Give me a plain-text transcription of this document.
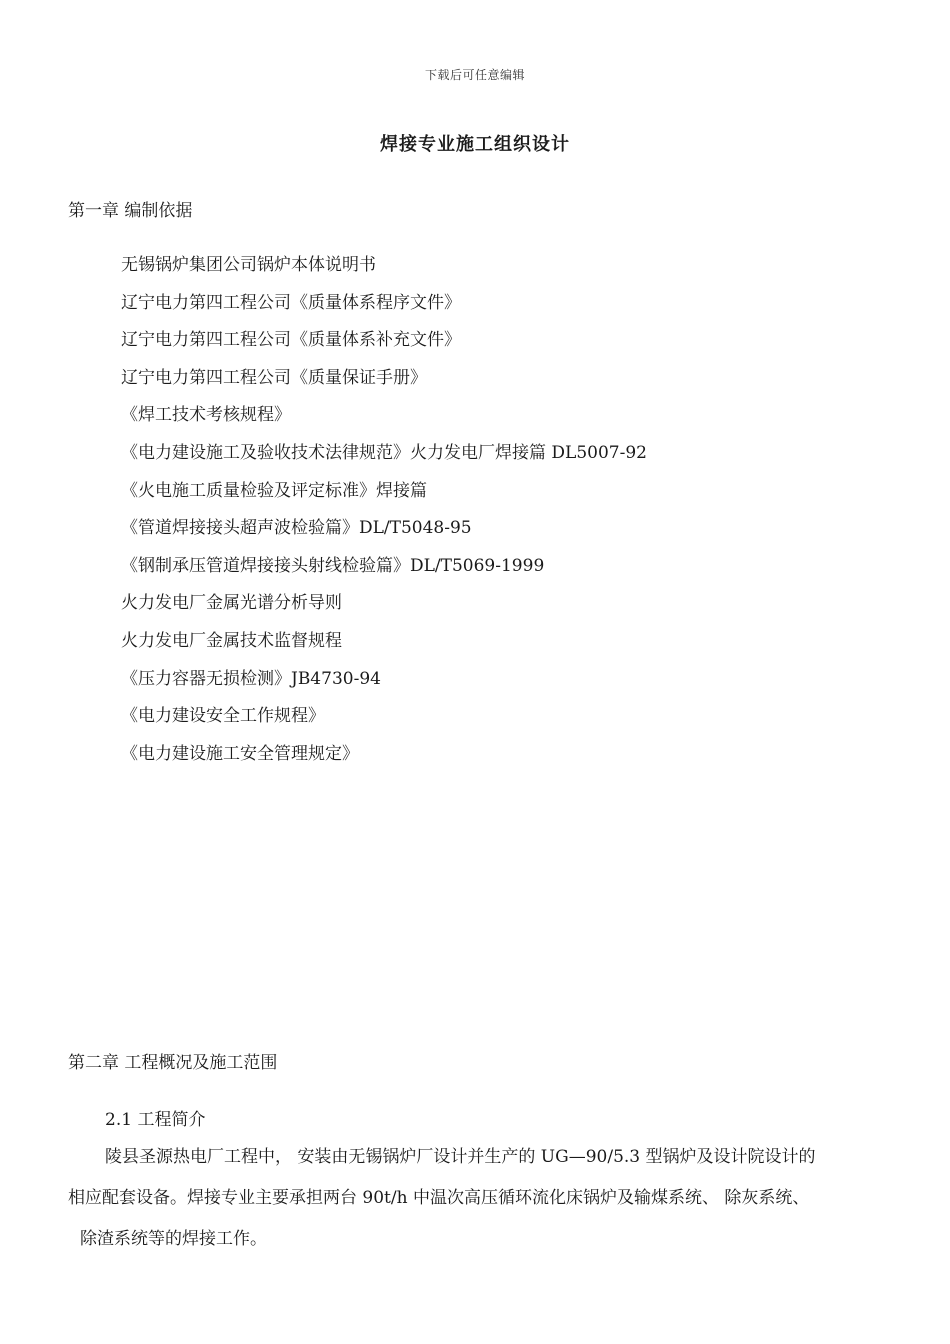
下载后可任意编辑
焊接专业施工组织设计
第一章 编制依据
无锡锅炉集团公司锅炉本体说明书
辽宁电力第四工程公司《质量体系程序文件》
辽宁电力第四工程公司《质量体系补充文件》
辽宁电力第四工程公司《质量保证手册》
《焊工技术考核规程》
《电力建设施工及验收技术法律规范》火力发电厂焊接篇 DL5007-92
《火电施工质量检验及评定标准》焊接篇
《管道焊接接头超声波检验篇》DL/T5048-95
《钢制承压管道焊接接头射线检验篇》DL/T5069-1999
火力发电厂金属光谱分析导则
火力发电厂金属技术监督规程
《压力容器无损检测》JB4730-94
《电力建设安全工作规程》
《电力建设施工安全管理规定》
第二章 工程概况及施工范围
2.1 工程简介
陵县圣源热电厂工程中， 安装由无锡锅炉厂设计并生产的 UG—90/5.3 型锅炉及设计院设计的
相应配套设备。焊接专业主要承担两台 90t/h 中温次高压循环流化床锅炉及输煤系统、 除灰系统、
除渣系统等的焊接工作。
